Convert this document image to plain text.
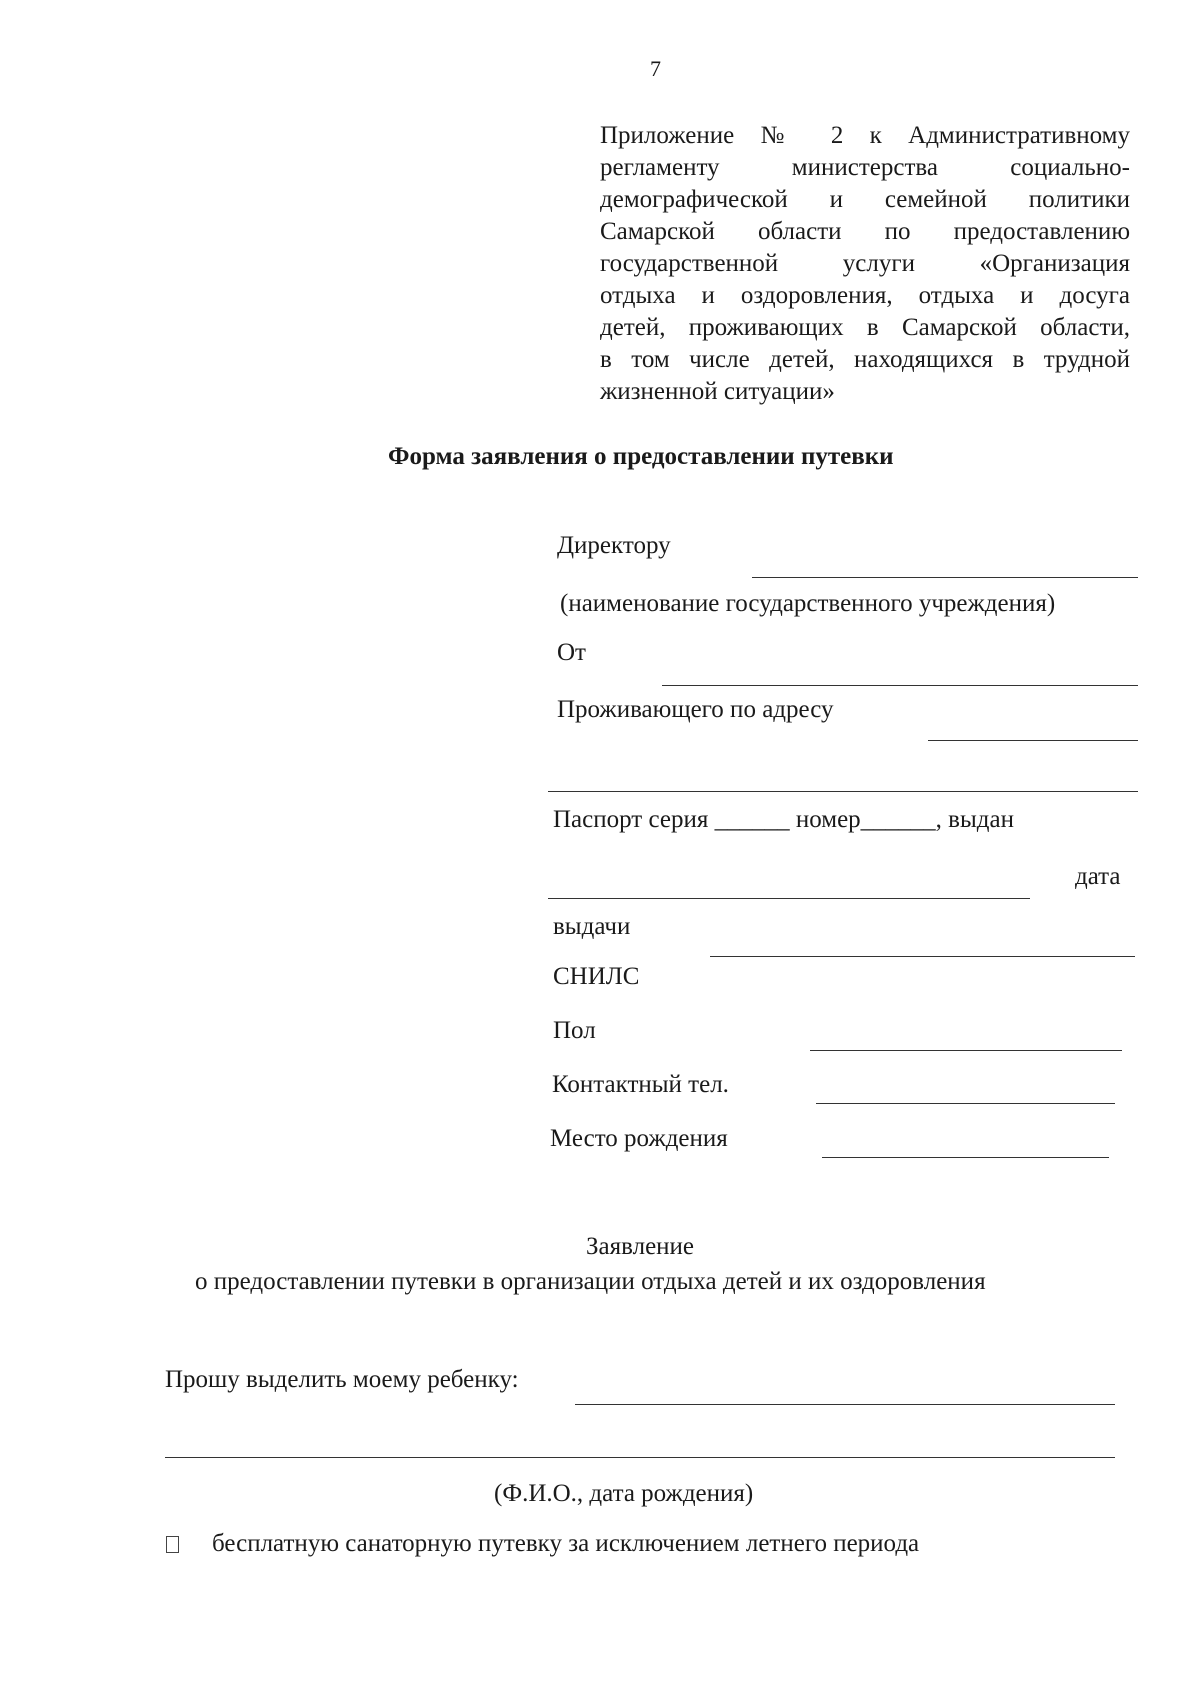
7
Приложение № 2 к Административному
регламенту министерства социально-
демографической и семейной политики
Самарской области по предоставлению
государственной услуги «Организация
отдыха и оздоровления, отдыха и досуга
детей, проживающих в Самарской области,
в том числе детей, находящихся в трудной
жизненной ситуации»
Форма заявления о предоставлении путевки
Директору
(наименование государственного учреждения)
От
Проживающего по адресу
Паспорт серия ______ номер______, выдан
дата
выдачи
СНИЛС
Пол
Контактный тел.
Место рождения
Заявление
о предоставлении путевки в организации отдыха детей и их оздоровления
Прошу выделить моему ребенку:
(Ф.И.О., дата рождения)
бесплатную санаторную путевку за исключением летнего периода
